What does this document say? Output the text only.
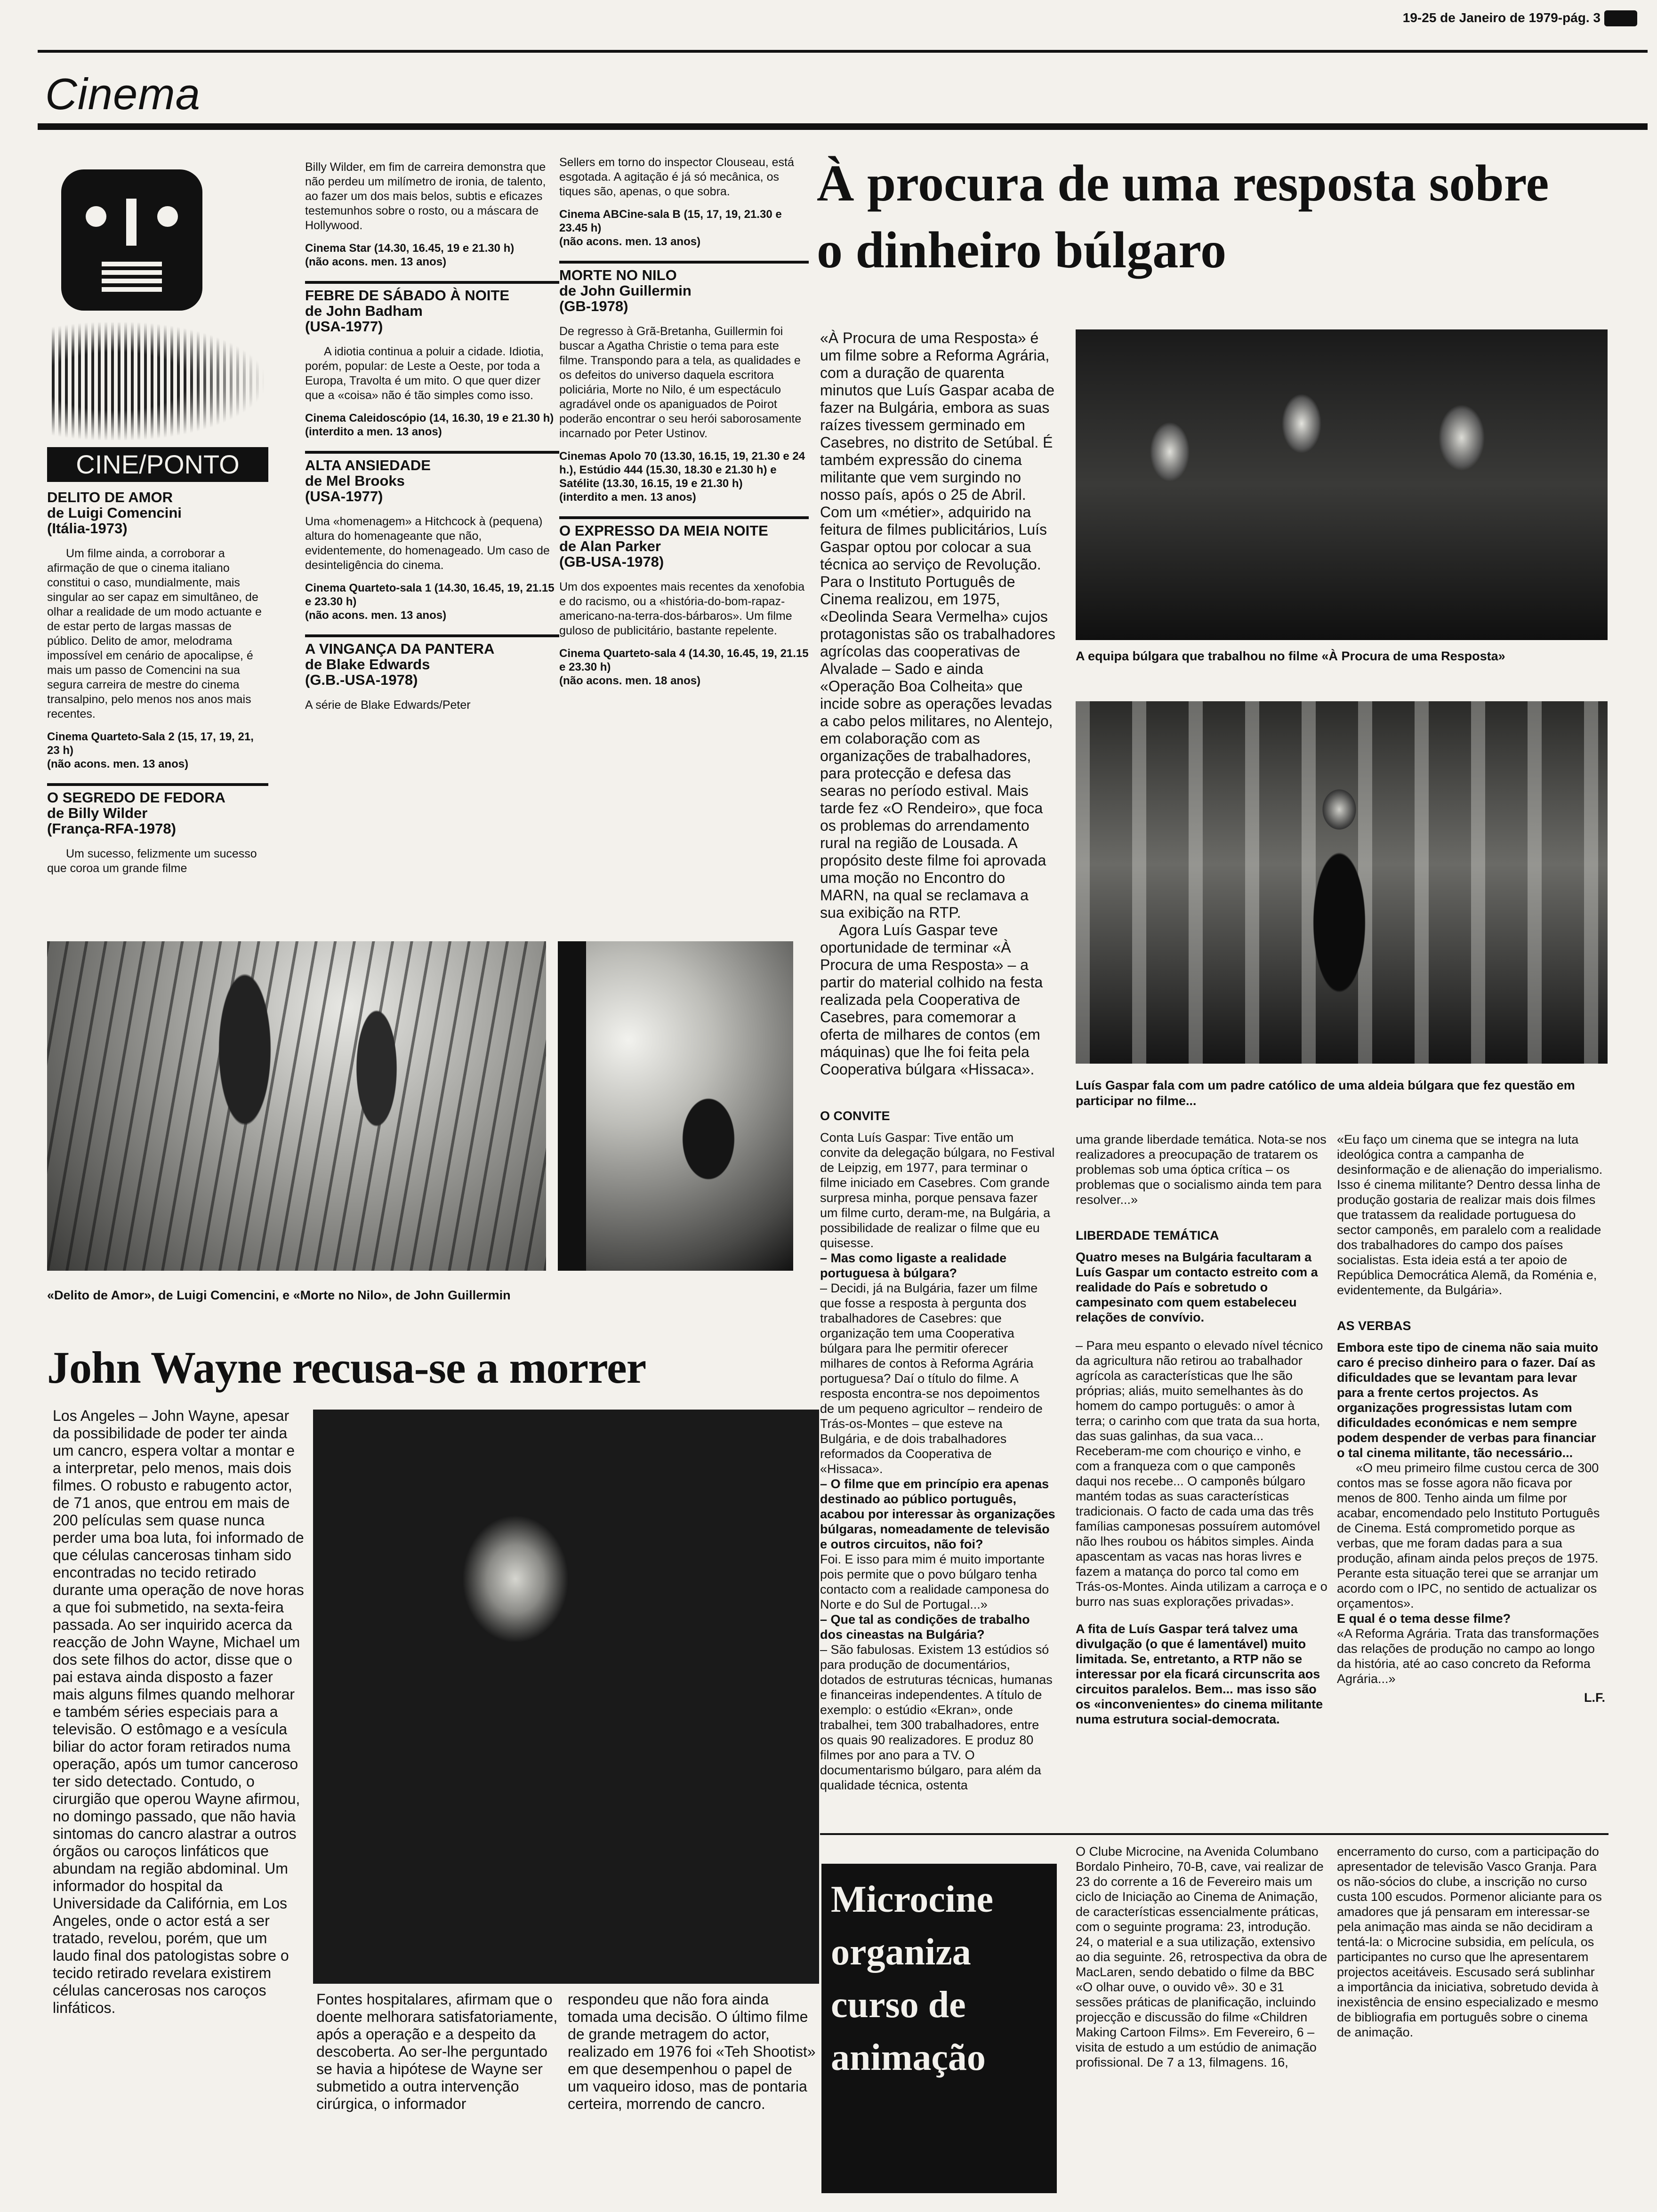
19-25 de Janeiro de 1979-pág. 3
Cinema
CINE/PONTO
DELITO DE AMOR
de Luigi Comencini
(Itália-1973)

Um filme ainda, a corroborar a afirmação de que o cinema italiano constitui o caso, mundialmente, mais singular ao ser capaz em simultâneo, de olhar a realidade de um modo actuante e de estar perto de largas massas de público. Delito de amor, melodrama impossível em cenário de apocalipse, é mais um passo de Comencini na sua segura carreira de mestre do cinema transalpino, pelo menos nos anos mais recentes.

Cinema Quarteto-Sala 2 (15, 17, 19, 21, 23 h)
(não acons. men. 13 anos)
O SEGREDO DE FEDORA
de Billy Wilder
(França-RFA-1978)

Um sucesso, felizmente um sucesso que coroa um grande filme

Billy Wilder, em fim de carreira demonstra que não perdeu um milímetro de ironia, de talento, ao fazer um dos mais belos, subtis e eficazes testemunhos sobre o rosto, ou a máscara de Hollywood.

Cinema Star (14.30, 16.45, 19 e 21.30 h)
(não acons. men. 13 anos)
FEBRE DE SÁBADO À NOITE
de John Badham
(USA-1977)

A idiotia continua a poluir a cidade. Idiotia, porém, popular: de Leste a Oeste, por toda a Europa, Travolta é um mito. O que quer dizer que a «coisa» não é tão simples como isso.

Cinema Caleidoscópio (14, 16.30, 19 e 21.30 h)
(interdito a men. 13 anos)
ALTA ANSIEDADE
de Mel Brooks
(USA-1977)

Uma «homenagem» a Hitchcock à (pequena) altura do homenageante que não, evidentemente, do homenageado. Um caso de desinteligência do cinema.

Cinema Quarteto-sala 1 (14.30, 16.45, 19, 21.15 e 23.30 h)
(não acons. men. 13 anos)
A VINGANÇA DA PANTERA
de Blake Edwards
(G.B.-USA-1978)

A série de Blake Edwards/Peter

Sellers em torno do inspector Clouseau, está esgotada. A agitação é já só mecânica, os tiques são, apenas, o que sobra.

Cinema ABCine-sala B (15, 17, 19, 21.30 e 23.45 h)
(não acons. men. 13 anos)
MORTE NO NILO
de John Guillermin
(GB-1978)

De regresso à Grã-Bretanha, Guillermin foi buscar a Agatha Christie o tema para este filme. Transpondo para a tela, as qualidades e os defeitos do universo daquela escritora policiária, Morte no Nilo, é um espectáculo agradável onde os apaniguados de Poirot poderão encontrar o seu herói saborosamente incarnado por Peter Ustinov.

Cinemas Apolo 70 (13.30, 16.15, 19, 21.30 e 24 h.), Estúdio 444 (15.30, 18.30 e 21.30 h) e Satélite (13.30, 16.15, 19 e 21.30 h)
(interdito a men. 13 anos)
O EXPRESSO DA MEIA NOITE
de Alan Parker
(GB-USA-1978)

Um dos expoentes mais recentes da xenofobia e do racismo, ou a «história-do-bom-rapaz-americano-na-terra-dos-bárbaros». Um filme guloso de publicitário, bastante repelente.

Cinema Quarteto-sala 4 (14.30, 16.45, 19, 21.15 e 23.30 h)
(não acons. men. 18 anos)
«Delito de Amor», de Luigi Comencini, e «Morte no Nilo», de John Guillermin
John Wayne recusa-se a morrer

Los Angeles – John Wayne, apesar da possibilidade de poder ter ainda um cancro, espera voltar a montar e a interpretar, pelo menos, mais dois filmes. O robusto e rabugento actor, de 71 anos, que entrou em mais de 200 películas sem quase nunca perder uma boa luta, foi informado de que células cancerosas tinham sido encontradas no tecido retirado durante uma operação de nove horas a que foi submetido, na sexta-feira passada. Ao ser inquirido acerca da reacção de John Wayne, Michael um dos sete filhos do actor, disse que o pai estava ainda disposto a fazer mais alguns filmes quando melhorar e também séries especiais para a televisão. O estômago e a vesícula biliar do actor foram retirados numa operação, após um tumor canceroso ter sido detectado. Contudo, o cirurgião que operou Wayne afirmou, no domingo passado, que não havia sintomas do cancro alastrar a outros órgãos ou caroços linfáticos que abundam na região abdominal. Um informador do hospital da Universidade da Califórnia, em Los Angeles, onde o actor está a ser tratado, revelou, porém, que um laudo final dos patologistas sobre o tecido retirado revelara existirem células cancerosas nos caroços linfáticos.	Fontes hospitalares, afirmam que o doente melhorara satisfatoriamente, após a operação e a despeito da descoberta. Ao ser-lhe perguntado se havia a hipótese de Wayne ser submetido a outra intervenção cirúrgica, o informador

respondeu que não fora ainda tomada uma decisão. O último filme de grande metragem do actor, realizado em 1976 foi «Teh Shootist» em que desempenhou o papel de um vaqueiro idoso, mas de pontaria certeira, morrendo de cancro.

À procura de uma resposta sobre o dinheiro búlgaro

«À Procura de uma Resposta» é um filme sobre a Reforma Agrária, com a duração de quarenta minutos que Luís Gaspar acaba de fazer na Bulgária, embora as suas raízes tivessem germinado em Casebres, no distrito de Setúbal. É também expressão do cinema militante que vem surgindo no nosso país, após o 25 de Abril. Com um «métier», adquirido na feitura de filmes publicitários, Luís Gaspar optou por colocar a sua técnica ao serviço de Revolução. Para o Instituto Português de Cinema realizou, em 1975, «Deolinda Seara Vermelha» cujos protagonistas são os trabalhadores agrícolas das cooperativas de Alvalade – Sado e ainda «Operação Boa Colheita» que incide sobre as operações levadas a cabo pelos militares, no Alentejo, em colaboração com as organizações de trabalhadores, para protecção e defesa das searas no período estival. Mais tarde fez «O Rendeiro», que foca os problemas do arrendamento rural na região de Lousada. A propósito deste filme foi aprovada uma moção no Encontro do MARN, na qual se reclamava a sua exibição na RTP.

Agora Luís Gaspar teve oportunidade de terminar «À Procura de uma Resposta» – a partir do material colhido na festa realizada pela Cooperativa de Casebres, para comemorar a oferta de milhares de contos (em máquinas) que lhe foi feita pela Cooperativa búlgara «Hissaca».

A equipa búlgara que trabalhou no filme «À Procura de uma Resposta»
Luís Gaspar fala com um padre católico de uma aldeia búlgara que fez questão em participar no filme...
O CONVITE

Conta Luís Gaspar: Tive então um convite da delegação búlgara, no Festival de Leipzig, em 1977, para terminar o filme iniciado em Casebres. Com grande surpresa minha, porque pensava fazer um filme curto, deram-me, na Bulgária, a possibilidade de realizar o filme que eu quisesse.

– Mas como ligaste a realidade portuguesa à búlgara?

– Decidi, já na Bulgária, fazer um filme que fosse a resposta à pergunta dos trabalhadores de Casebres: que organização tem uma Cooperativa búlgara para lhe permitir oferecer milhares de contos à Reforma Agrária portuguesa? Daí o título do filme. A resposta encontra-se nos depoimentos de um pequeno agricultor – rendeiro de Trás-os-Montes – que esteve na Bulgária, e de dois trabalhadores reformados da Cooperativa de «Hissaca».

– O filme que em princípio era apenas destinado ao público português, acabou por interessar às organizações búlgaras, nomeadamente de televisão e outros circuitos, não foi?

Foi. E isso para mim é muito importante pois permite que o povo búlgaro tenha contacto com a realidade camponesa do Norte e do Sul de Portugal...»

– Que tal as condições de trabalho dos cineastas na Bulgária?

– São fabulosas. Existem 13 estúdios só para produção de documentários, dotados de estruturas técnicas, humanas e financeiras independentes. A título de exemplo: o estúdio «Ekran», onde trabalhei, tem 300 trabalhadores, entre os quais 90 realizadores. E produz 80 filmes por ano para a TV. O documentarismo búlgaro, para além da qualidade técnica, ostenta

uma grande liberdade temática. Nota-se nos realizadores a preocupação de tratarem os problemas sob uma óptica crítica – os problemas que o socialismo ainda tem para resolver...»

LIBERDADE TEMÁTICA

Quatro meses na Bulgária facultaram a Luís Gaspar um contacto estreito com a realidade do País e sobretudo o campesinato com quem estabeleceu relações de convívio.

– Para meu espanto o elevado nível técnico da agricultura não retirou ao trabalhador agrícola as características que lhe são próprias; aliás, muito semelhantes às do homem do campo português: o amor à terra; o carinho com que trata da sua horta, das suas galinhas, da sua vaca... Receberam-me com chouriço e vinho, e com a franqueza com o que camponês daqui nos recebe... O camponês búlgaro mantém todas as suas características tradicionais. O facto de cada uma das três famílias camponesas possuírem automóvel não lhes roubou os hábitos simples. Ainda apascentam as vacas nas horas livres e fazem a matança do porco tal como em Trás-os-Montes. Ainda utilizam a carroça e o burro nas suas explorações privadas».

A fita de Luís Gaspar terá talvez uma divulgação (o que é lamentável) muito limitada. Se, entretanto, a RTP não se interessar por ela ficará circunscrita aos circuitos paralelos. Bem... mas isso são os «inconvenientes» do cinema militante numa estrutura social-democrata.

«Eu faço um cinema que se integra na luta ideológica contra a campanha de desinformação e de alienação do imperialismo. Isso é cinema militante? Dentro dessa linha de produção gostaria de realizar mais dois filmes que tratassem da realidade portuguesa do sector camponês, em paralelo com a realidade dos trabalhadores do campo dos países socialistas. Esta ideia está a ter apoio de República Democrática Alemã, da Roménia e, evidentemente, da Bulgária».

AS VERBAS

Embora este tipo de cinema não saia muito caro é preciso dinheiro para o fazer. Daí as dificuldades que se levantam para levar para a frente certos projectos. As organizações progressistas lutam com dificuldades económicas e nem sempre podem despender de verbas para financiar o tal cinema militante, tão necessário...

«O meu primeiro filme custou cerca de 300 contos mas se fosse agora não ficava por menos de 800. Tenho ainda um filme por acabar, encomendado pelo Instituto Português de Cinema. Está comprometido porque as verbas, que me foram dadas para a sua produção, afinam ainda pelos preços de 1975. Perante esta situação terei que se arranjar um acordo com o IPC, no sentido de actualizar os orçamentos».

E qual é o tema desse filme?

«A Reforma Agrária. Trata das transformações das relações de produção no campo ao longo da história, até ao caso concreto da Reforma Agrária...»

L.F.

Microcine organiza curso de animação

O Clube Microcine, na Avenida Columbano Bordalo Pinheiro, 70-B, cave, vai realizar de 23 do corrente a 16 de Fevereiro mais um ciclo de Iniciação ao Cinema de Animação, de características essencialmente práticas, com o seguinte programa: 23, introdução. 24, o material e a sua utilização, extensivo ao dia seguinte. 26, retrospectiva da obra de MacLaren, sendo debatido o filme da BBC «O olhar ouve, o ouvido vê». 30 e 31 sessões práticas de planificação, incluindo projecção e discussão do filme «Children Making Cartoon Films». Em Fevereiro, 6 – visita de estudo a um estúdio de animação profissional. De 7 a 13, filmagens. 16,

encerramento do curso, com a participação do apresentador de televisão Vasco Granja. Para os não-sócios do clube, a inscrição no curso custa 100 escudos. Pormenor aliciante para os amadores que já pensaram em interessar-se pela animação mas ainda se não decidiram a tentá-la: o Microcine subsidia, em película, os participantes no curso que lhe apresentarem projectos aceitáveis. Escusado será sublinhar a importância da iniciativa, sobretudo devida à inexistência de ensino especializado e mesmo de bibliografia em português sobre o cinema de animação.
